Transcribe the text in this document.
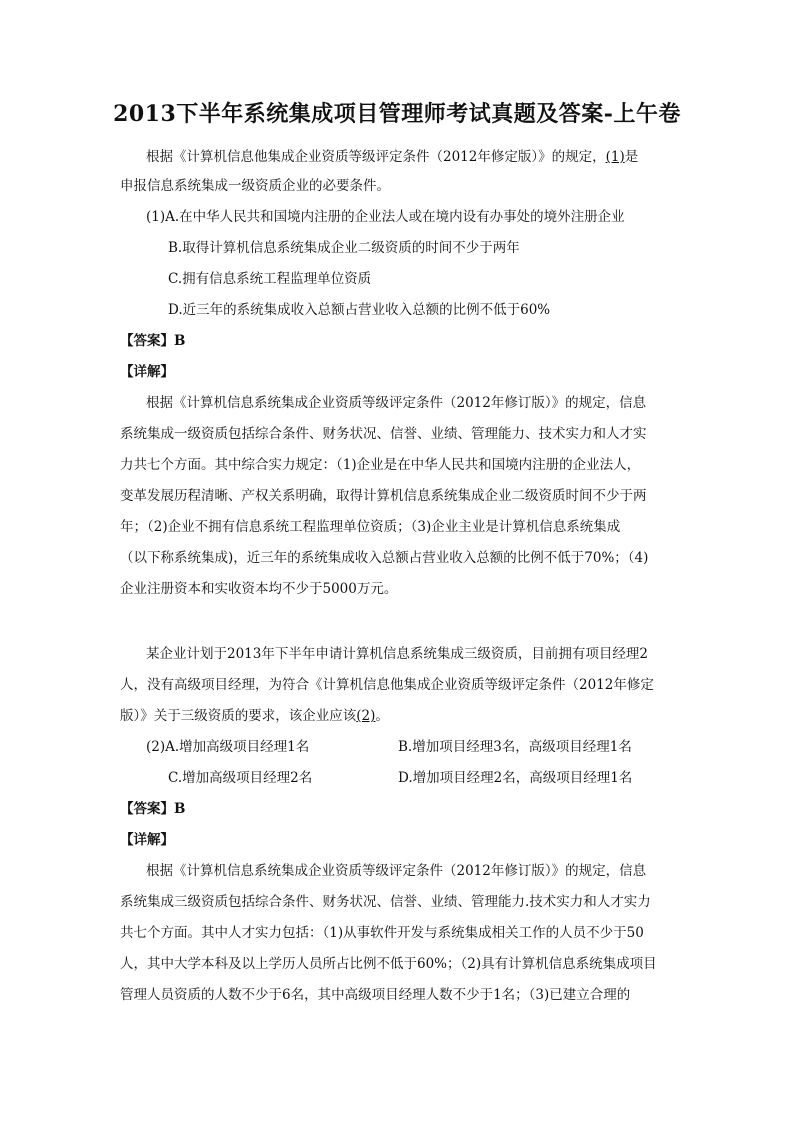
2013下半年系统集成项目管理师考试真题及答案-上午卷

根据《计算机信息他集成企业资质等级评定条件（2012年修定版）》的规定，(1)是

申报信息系统集成一级资质企业的必要条件。

(1)A.在中华人民共和国境内注册的企业法人或在境内设有办事处的境外注册企业

B.取得计算机信息系统集成企业二级资质的时间不少于两年

C.拥有信息系统工程监理单位资质

D.近三年的系统集成收入总额占营业收入总额的比例不低于60%

【答案】B

【详解】

根据《计算机信息系统集成企业资质等级评定条件（2012年修订版）》的规定，信息

系统集成一级资质包括综合条件、财务状况、信誉、业绩、管理能力、技术实力和人才实

力共七个方面。其中综合实力规定：（1)企业是在中华人民共和国境内注册的企业法人，

变革发展历程清晰、产权关系明确，取得计算机信息系统集成企业二级资质时间不少于两

年；（2)企业不拥有信息系统工程监理单位资质；（3)企业主业是计算机信息系统集成

（以下称系统集成)，近三年的系统集成收入总额占营业收入总额的比例不低于70%；（4)

企业注册资本和实收资本均不少于5000万元。

某企业计划于2013年下半年申请计算机信息系统集成三级资质，目前拥有项目经理2

人，没有高级项目经理，为符合《计算机信息他集成企业资质等级评定条件（2012年修定

版）》关于三级资质的要求，该企业应该(2)。

(2)A.增加高级项目经理1名	B.增加项目经理3名，高级项目经理1名

C.增加高级项目经理2名	D.增加项目经理2名，高级项目经理1名

【答案】B

【详解】

根据《计算机信息系统集成企业资质等级评定条件（2012年修订版）》的规定，信息

系统集成三级资质包括综合条件、财务状况、信誉、业绩、管理能力.技术实力和人才实力

共七个方面。其中人才实力包括：（1)从事软件开发与系统集成相关工作的人员不少于50

人，其中大学本科及以上学历人员所占比例不低于60%；（2)具有计算机信息系统集成项目

管理人员资质的人数不少于6名，其中高级项目经理人数不少于1名；（3)已建立合理的
